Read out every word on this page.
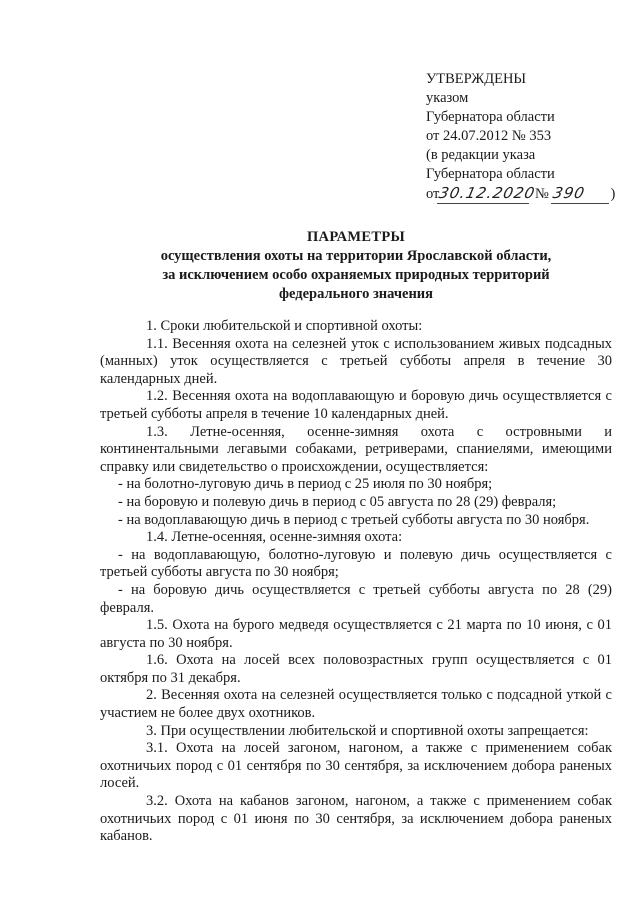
УТВЕРЖДЕНЫ
указом
Губернатора области
от 24.07.2012 № 353
(в редакции указа
Губернатора области
от30.12.2020 № 390 )
ПАРАМЕТРЫ
осуществления охоты на территории Ярославской области,
за исключением особо охраняемых природных территорий
федерального значения

1. Сроки любительской и спортивной охоты:

1.1. Весенняя охота на селезней уток с использованием живых подсадных (манных) уток осуществляется с третьей субботы апреля в течение 30 календарных дней.

1.2. Весенняя охота на водоплавающую и боровую дичь осуществляется с третьей субботы апреля в течение 10 календарных дней.

1.3. Летне-осенняя, осенне-зимняя охота с островными и континентальными легавыми собаками, ретриверами, спаниелями, имеющими справку или свидетельство о происхождении, осуществляется:

- на болотно-луговую дичь в период с 25 июля по 30 ноября;

- на боровую и полевую дичь в период с 05 августа по 28 (29) февраля;

- на водоплавающую дичь в период с третьей субботы августа по 30 ноября.

1.4. Летне-осенняя, осенне-зимняя охота:

- на водоплавающую, болотно-луговую и полевую дичь осуществляется с третьей субботы августа по 30 ноября;

- на боровую дичь осуществляется с третьей субботы августа по 28 (29) февраля.

1.5. Охота на бурого медведя осуществляется с 21 марта по 10 июня, с 01 августа по 30 ноября.

1.6. Охота на лосей всех половозрастных групп осуществляется с 01 октября по 31 декабря.

2. Весенняя охота на селезней осуществляется только с подсадной уткой с участием не более двух охотников.

3. При осуществлении любительской и спортивной охоты запрещается:

3.1. Охота на лосей загоном, нагоном, а также с применением собак охотничьих пород с 01 сентября по 30 сентября, за исключением добора раненых лосей.

3.2. Охота на кабанов загоном, нагоном, а также с применением собак охотничьих пород с 01 июня по 30 сентября, за исключением добора раненых кабанов.
